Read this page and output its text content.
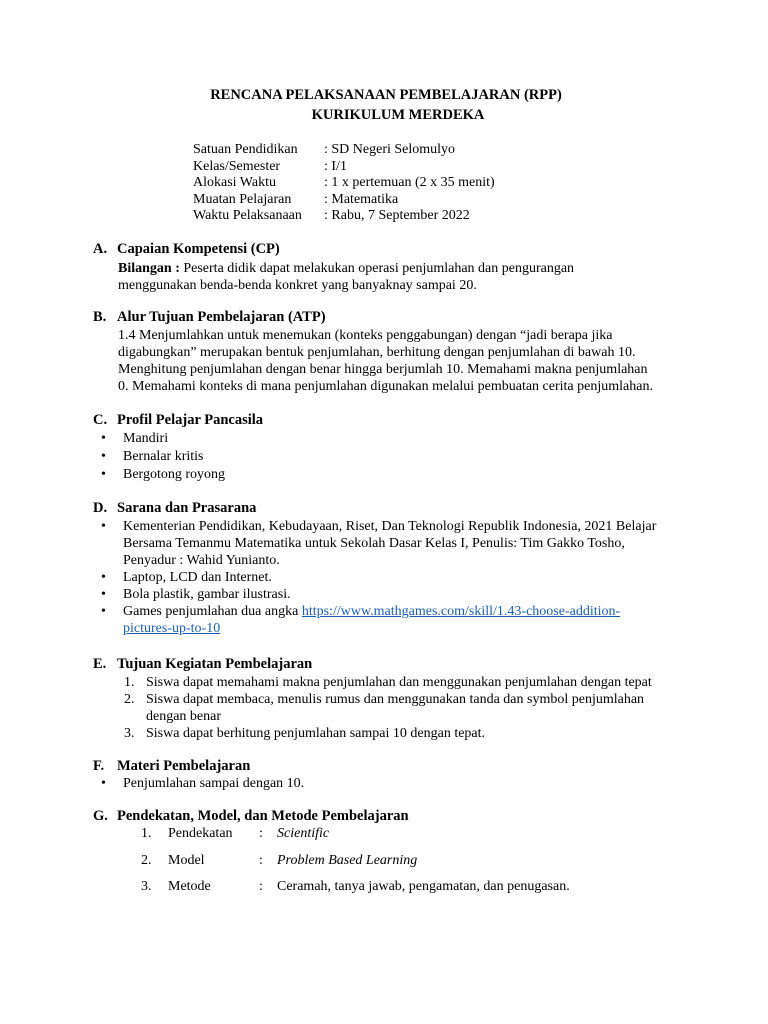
RENCANA PELAKSANAAN PEMBELAJARAN (RPP)
KURIKULUM MERDEKA
Satuan Pendidikan	: SD Negeri Selomulyo
Kelas/Semester	: I/1
Alokasi Waktu	: 1 x pertemuan (2 x 35 menit)
Muatan Pelajaran	: Matematika
Waktu Pelaksanaan	: Rabu, 7 September 2022
A. Capaian Kompetensi (CP)
Bilangan : Peserta didik dapat melakukan operasi penjumlahan dan pengurangan
menggunakan benda-benda konkret yang banyaknay sampai 20.
B. Alur Tujuan Pembelajaran (ATP)
1.4 Menjumlahkan untuk menemukan (konteks penggabungan) dengan “jadi berapa jika
digabungkan” merupakan bentuk penjumlahan, berhitung dengan penjumlahan di bawah 10.
Menghitung penjumlahan dengan benar hingga berjumlah 10. Memahami makna penjumlahan
0. Memahami konteks di mana penjumlahan digunakan melalui pembuatan cerita penjumlahan.
C. Profil Pelajar Pancasila
• Mandiri
• Bernalar kritis
• Bergotong royong
D. Sarana dan Prasarana
• Kementerian Pendidikan, Kebudayaan, Riset, Dan Teknologi Republik Indonesia, 2021 Belajar
Bersama Temanmu Matematika untuk Sekolah Dasar Kelas I, Penulis: Tim Gakko Tosho,
Penyadur : Wahid Yunianto.
• Laptop, LCD dan Internet.
• Bola plastik, gambar ilustrasi.
• Games penjumlahan dua angka https://www.mathgames.com/skill/1.43-choose-addition-
pictures-up-to-10
E. Tujuan Kegiatan Pembelajaran
1. Siswa dapat memahami makna penjumlahan dan menggunakan penjumlahan dengan tepat
2. Siswa dapat membaca, menulis rumus dan menggunakan tanda dan symbol penjumlahan
dengan benar
3. Siswa dapat berhitung penjumlahan sampai 10 dengan tepat.
F. Materi Pembelajaran
• Penjumlahan sampai dengan 10.
G. Pendekatan, Model, dan Metode Pembelajaran
1.	Pendekatan	:	Scientific
2.	Model	:	Problem Based Learning
3.	Metode	:	Ceramah, tanya jawab, pengamatan, dan penugasan.
